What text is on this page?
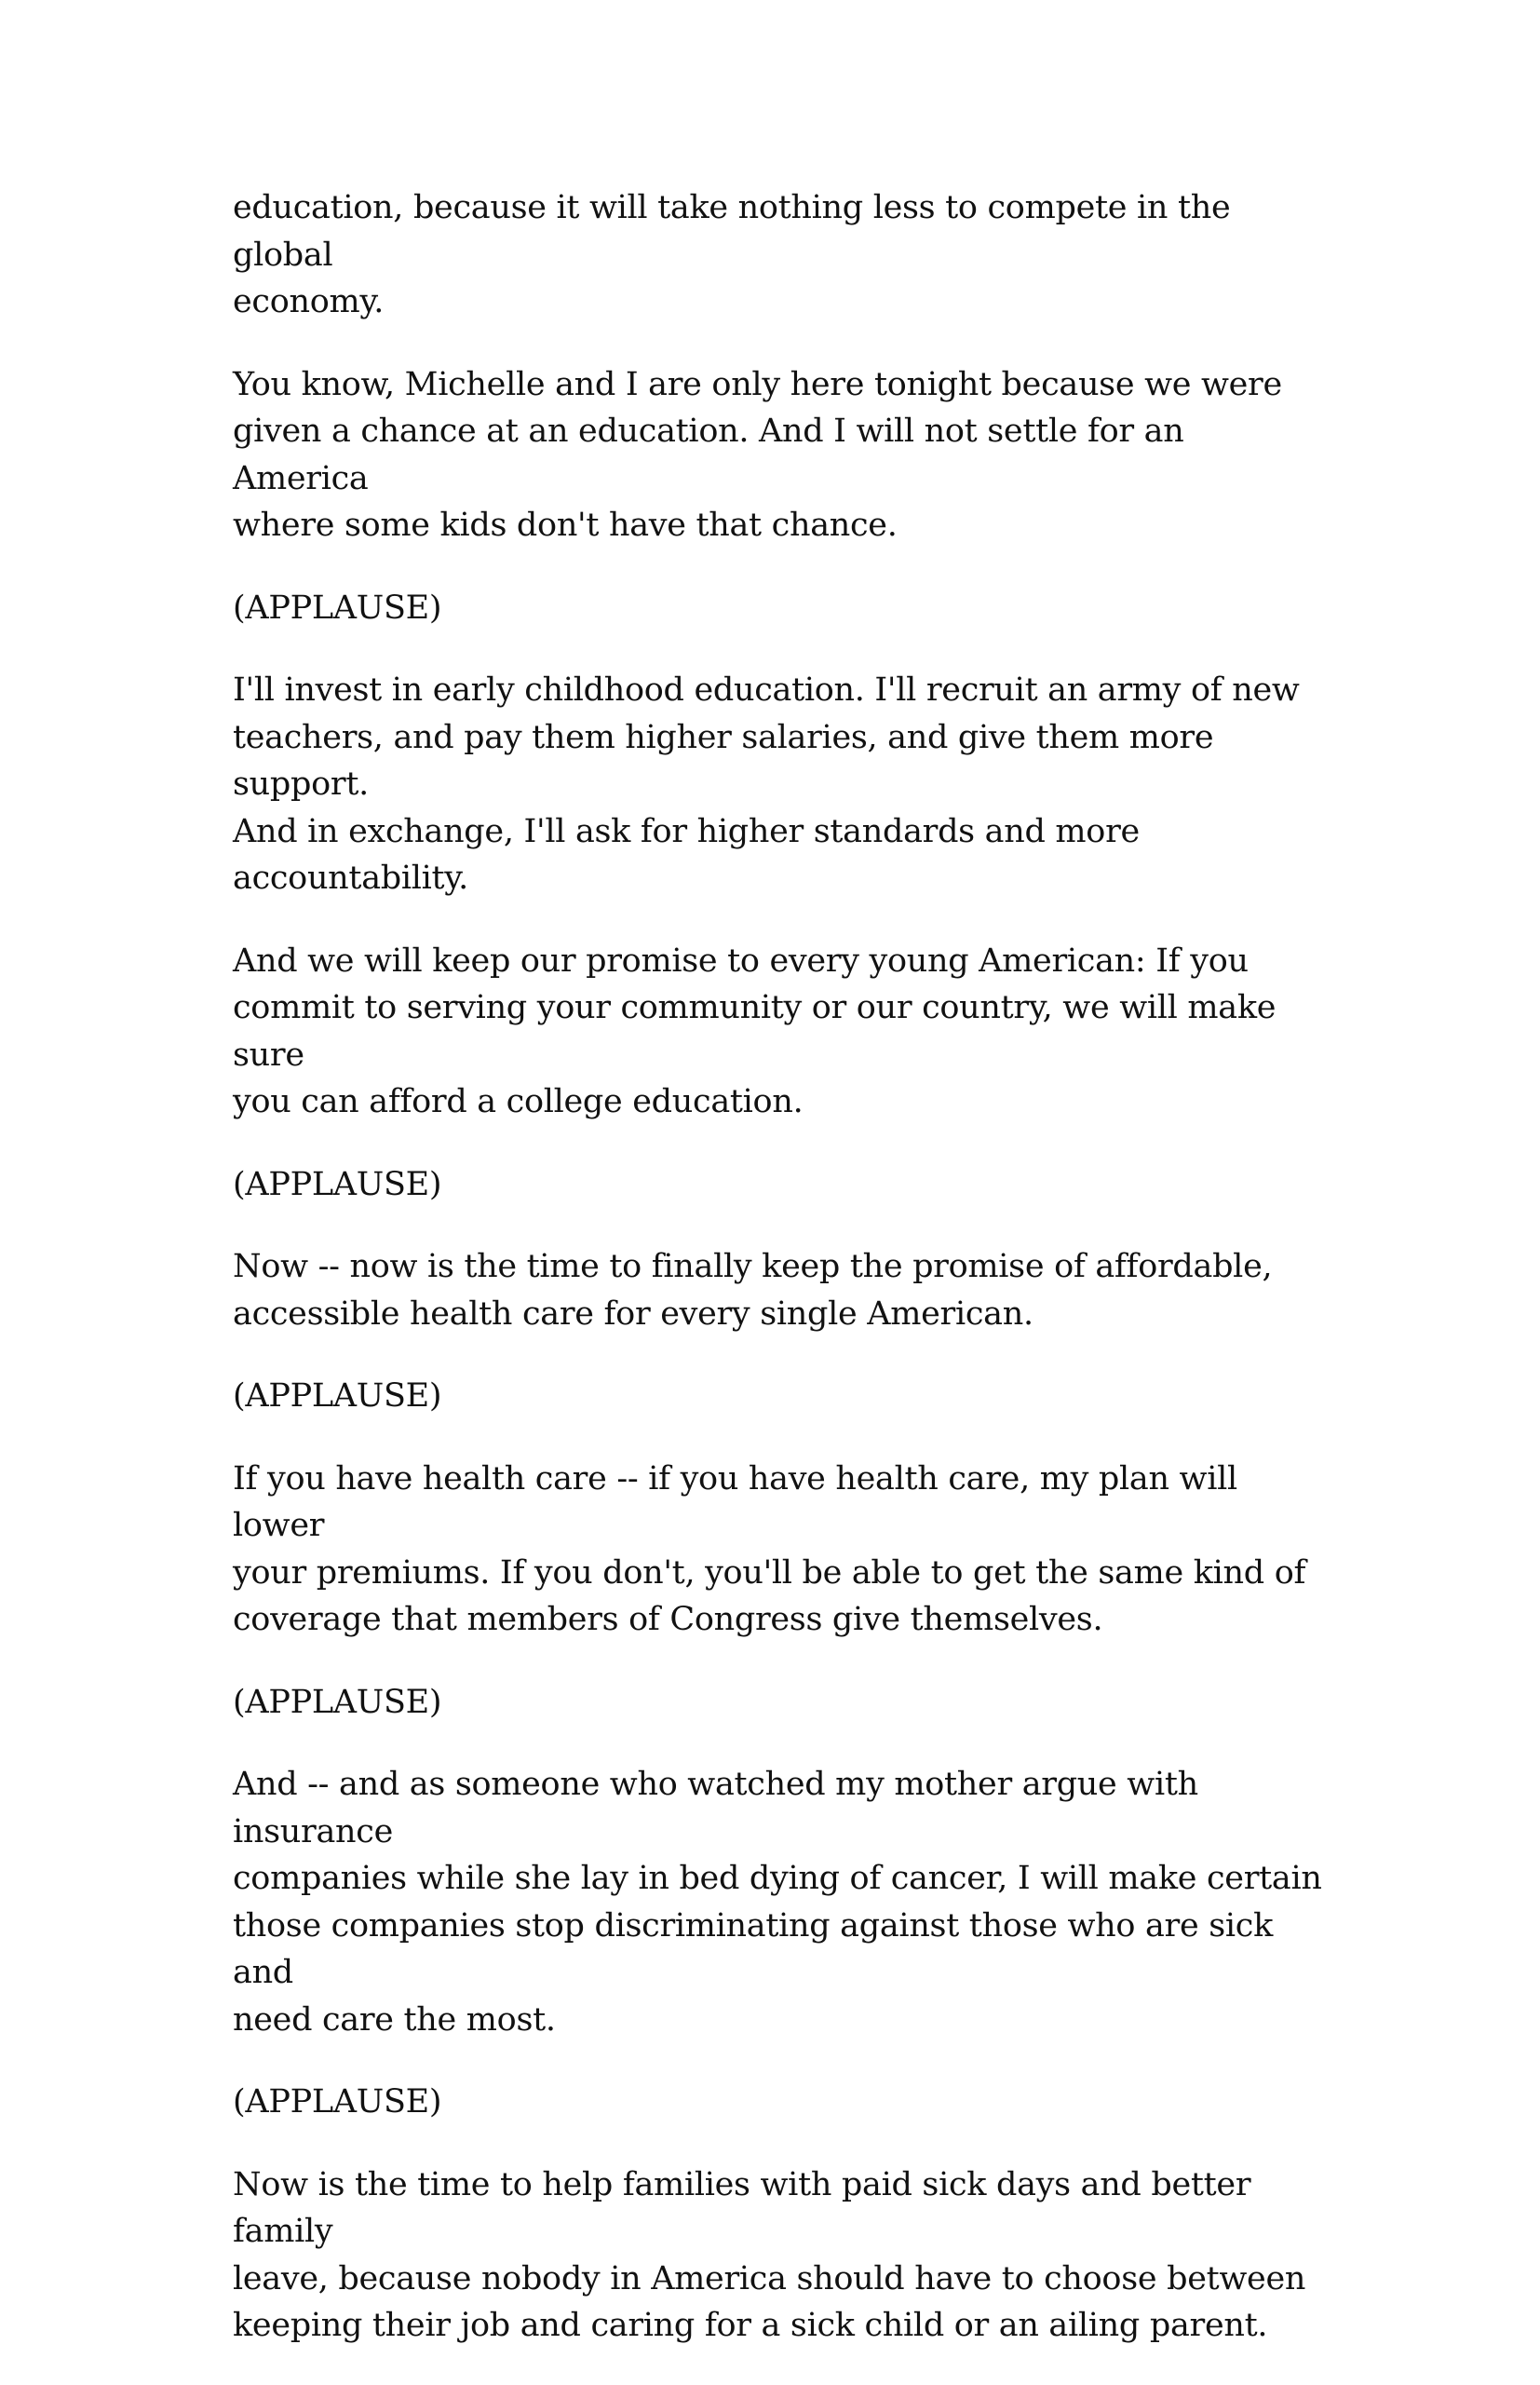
education, because it will take nothing less to compete in the global
economy.

You know, Michelle and I are only here tonight because we were
given a chance at an education. And I will not settle for an America
where some kids don't have that chance.

(APPLAUSE)

I'll invest in early childhood education. I'll recruit an army of new
teachers, and pay them higher salaries, and give them more support.
And in exchange, I'll ask for higher standards and more
accountability.

And we will keep our promise to every young American: If you
commit to serving your community or our country, we will make sure
you can afford a college education.

(APPLAUSE)

Now -- now is the time to finally keep the promise of affordable,
accessible health care for every single American.

(APPLAUSE)

If you have health care -- if you have health care, my plan will lower
your premiums. If you don't, you'll be able to get the same kind of
coverage that members of Congress give themselves.

(APPLAUSE)

And -- and as someone who watched my mother argue with insurance
companies while she lay in bed dying of cancer, I will make certain
those companies stop discriminating against those who are sick and
need care the most.

(APPLAUSE)

Now is the time to help families with paid sick days and better family
leave, because nobody in America should have to choose between
keeping their job and caring for a sick child or an ailing parent.
